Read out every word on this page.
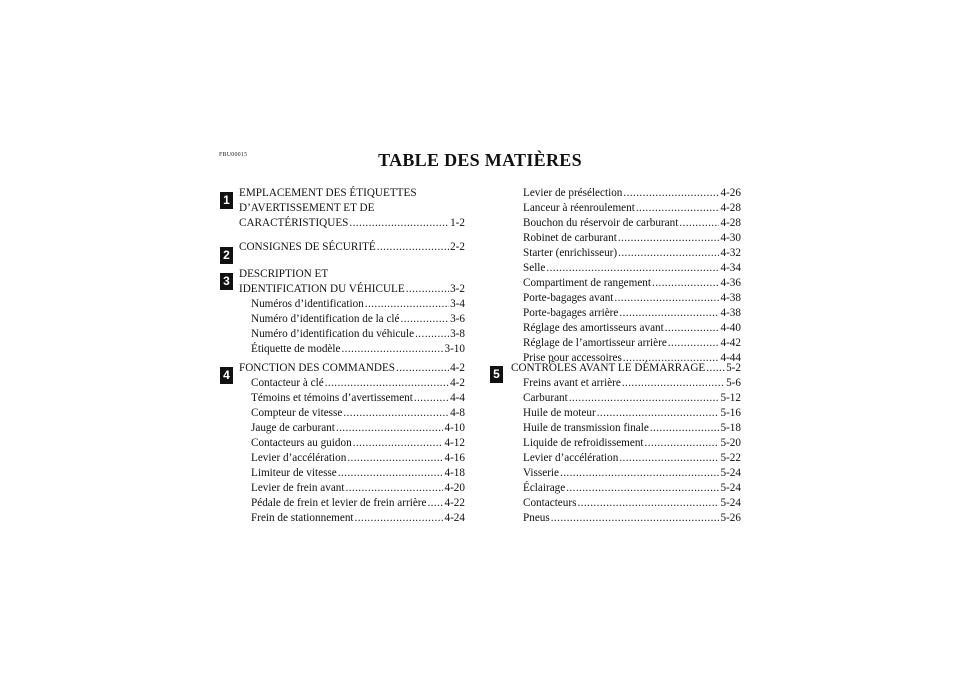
FBU00015	TABLE DES MATIÈRES
1
2
3
4	5
EMPLACEMENT DES ÉTIQUETTES
D’AVERTISSEMENT ET DE
CARACTÉRISTIQUES .....	1-2
CONSIGNES DE SÉCURITÉ .....	2-2
DESCRIPTION ET
IDENTIFICATION DU VÉHICULE .....	3-2
Numéros d’identification .....	3-4
Numéro d’identification de la clé .....	3-6
Numéro d’identification du véhicule .....	3-8
Étiquette de modèle .....	3-10
FONCTION DES COMMANDES .....	4-2
Contacteur à clé .....	4-2
Témoins et témoins d’avertissement .....	4-4
Compteur de vitesse .....	4-8
Jauge de carburant .....	4-10
Contacteurs au guidon .....	4-12
Levier d’accélération .....	4-16
Limiteur de vitesse .....	4-18
Levier de frein avant .....	4-20
Pédale de frein et levier de frein arrière ..... 4-22
Frein de stationnement .....	4-24
Levier de présélection .....	4-26
Lanceur à réenroulement .....	4-28
Bouchon du réservoir de carburant .....	4-28
Robinet de carburant .....	4-30
Starter (enrichisseur) .....	4-32
Selle .....	4-34
Compartiment de rangement .....	4-36
Porte-bagages avant .....	4-38
Porte-bagages arrière .....	4-38
Réglage des amortisseurs avant .....	4-40
Réglage de l’amortisseur arrière .....	4-42
Prise pour accessoires .....	4-44
CONTRÔLES AVANT LE DÉMARRAGE ..... 5-2
Freins avant et arrière .....	5-6
Carburant .....	5-12
Huile de moteur .....	5-16
Huile de transmission finale .....	5-18
Liquide de refroidissement .....	5-20
Levier d’accélération .....	5-22
Visserie .....	5-24
Éclairage .....	5-24
Contacteurs .....	5-24
Pneus .....	5-26
